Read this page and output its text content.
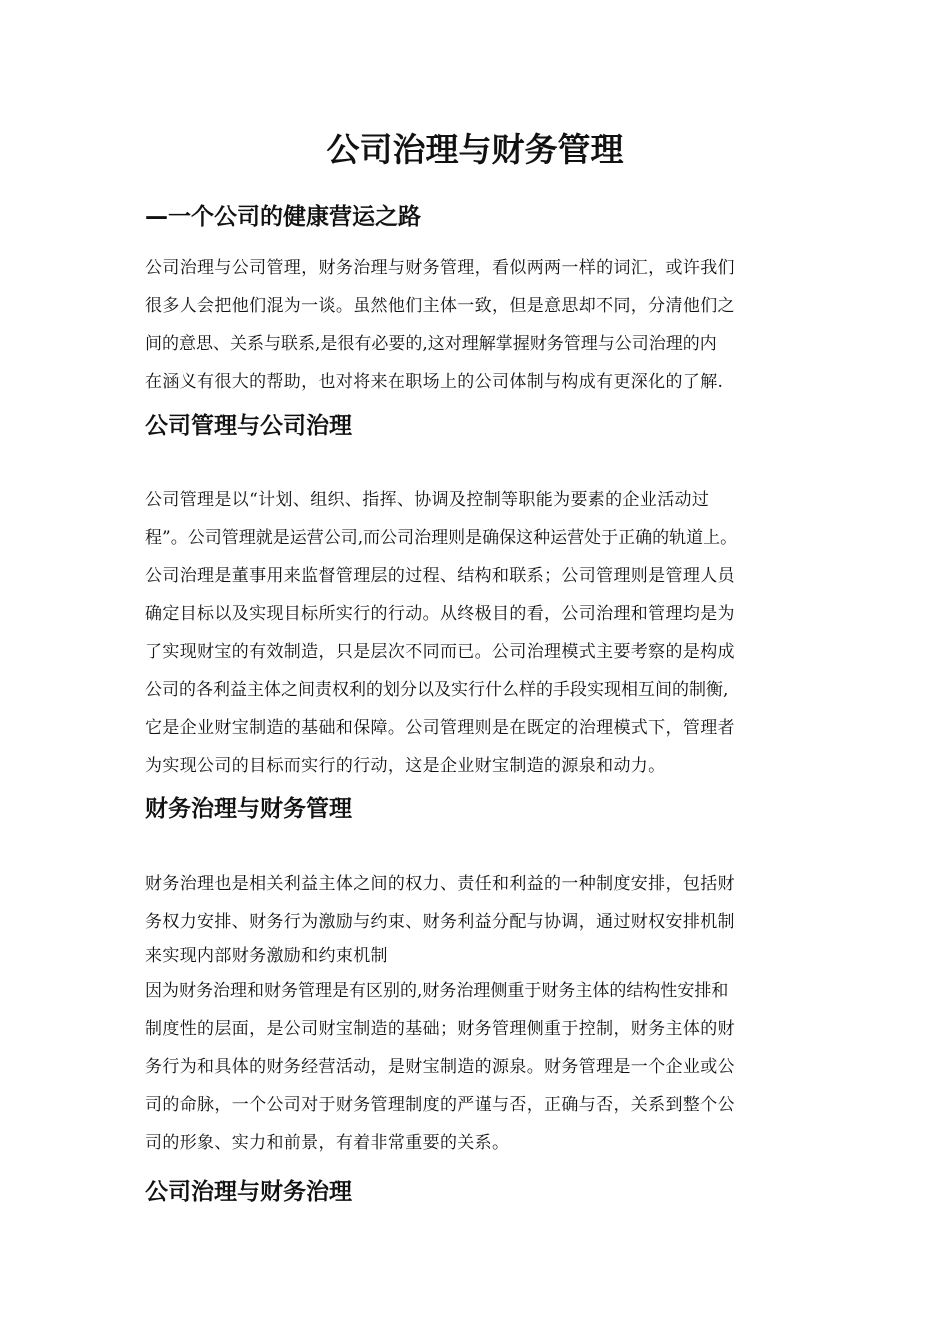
公司治理与财务管理
—一个公司的健康营运之路
公司治理与公司管理，财务治理与财务管理，看似两两一样的词汇，或许我们
很多人会把他们混为一谈。虽然他们主体一致，但是意思却不同，分清他们之
间的意思、关系与联系,是很有必要的,这对理解掌握财务管理与公司治理的内
在涵义有很大的帮助，也对将来在职场上的公司体制与构成有更深化的了解.
公司管理与公司治理
公司管理是以“计划、组织、指挥、协调及控制等职能为要素的企业活动过
程”。公司管理就是运营公司,而公司治理则是确保这种运营处于正确的轨道上。
公司治理是董事用来监督管理层的过程、结构和联系；公司管理则是管理人员
确定目标以及实现目标所实行的行动。从终极目的看，公司治理和管理均是为
了实现财宝的有效制造，只是层次不同而已。公司治理模式主要考察的是构成
公司的各利益主体之间责权利的划分以及实行什么样的手段实现相互间的制衡,
它是企业财宝制造的基础和保障。公司管理则是在既定的治理模式下，管理者
为实现公司的目标而实行的行动，这是企业财宝制造的源泉和动力。
财务治理与财务管理
财务治理也是相关利益主体之间的权力、责任和利益的一种制度安排，包括财
务权力安排、财务行为激励与约束、财务利益分配与协调，通过财权安排机制
来实现内部财务激励和约束机制
因为财务治理和财务管理是有区别的,财务治理侧重于财务主体的结构性安排和
制度性的层面，是公司财宝制造的基础；财务管理侧重于控制，财务主体的财
务行为和具体的财务经营活动，是财宝制造的源泉。财务管理是一个企业或公
司的命脉，一个公司对于财务管理制度的严谨与否，正确与否，关系到整个公
司的形象、实力和前景，有着非常重要的关系。
公司治理与财务治理
